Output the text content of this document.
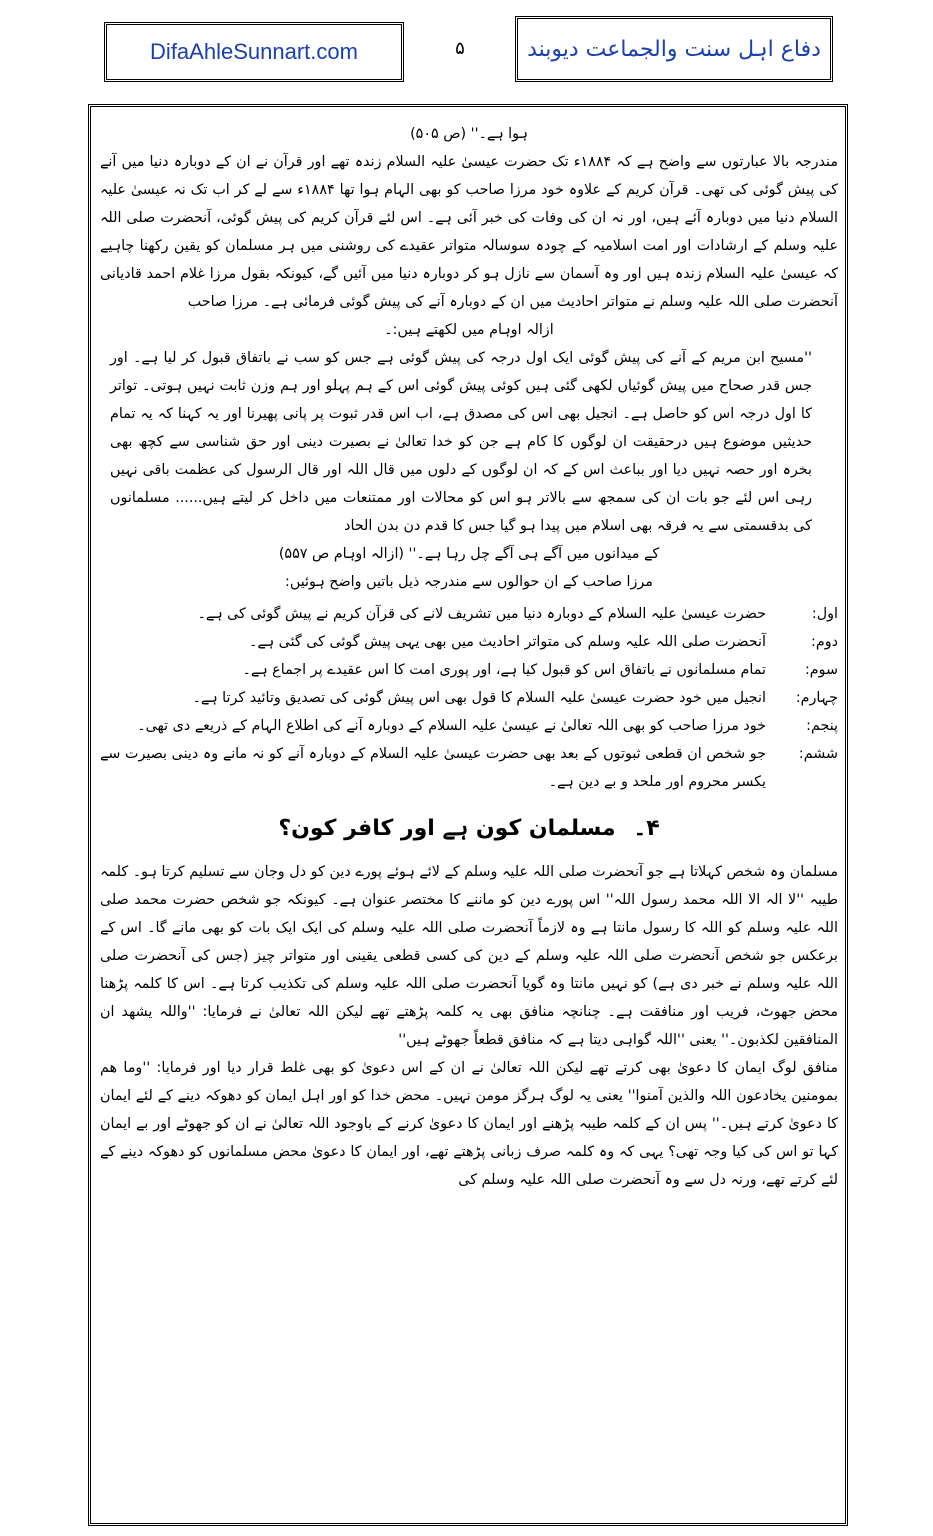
DifaAhleSunnart.com	۵	دفاع اہل سنت والجماعت دیوبند

ہوا ہے۔'' (ص ۵۰۵)

مندرجہ بالا عبارتوں سے واضح ہے کہ ۱۸۸۴ء تک حضرت عیسیٰ علیہ السلام زندہ تھے اور قرآن نے ان کے دوبارہ دنیا میں آنے کی پیش گوئی کی تھی۔ قرآن کریم کے علاوہ خود مرزا صاحب کو بھی الہام ہوا تھا ۱۸۸۴ء سے لے کر اب تک نہ عیسیٰ علیہ السلام دنیا میں دوبارہ آئے ہیں، اور نہ ان کی وفات کی خبر آئی ہے۔ اس لئے قرآن کریم کی پیش گوئی، آنحضرت صلی اللہ علیہ وسلم کے ارشادات اور امت اسلامیہ کے چودہ سوسالہ متواتر عقیدے کی روشنی میں ہر مسلمان کو یقین رکھنا چاہیے کہ عیسیٰ علیہ السلام زندہ ہیں اور وہ آسمان سے نازل ہو کر دوبارہ دنیا میں آئیں گے، کیونکہ بقول مرزا غلام احمد قادیانی آنحضرت صلی اللہ علیہ وسلم نے متواتر احادیث میں ان کے دوبارہ آنے کی پیش گوئی فرمائی ہے۔ مرزا صاحب

ازالہ اوہام میں لکھتے ہیں:۔

''مسیح ابن مریم کے آنے کی پیش گوئی ایک اول درجہ کی پیش گوئی ہے جس کو سب نے باتفاق قبول کر لیا ہے۔ اور جس قدر صحاح میں پیش گوئیاں لکھی گئی ہیں کوئی پیش گوئی اس کے ہم پہلو اور ہم وزن ثابت نہیں ہوتی۔ تواتر کا اول درجہ اس کو حاصل ہے۔ انجیل بھی اس کی مصدق ہے، اب اس قدر ثبوت پر پانی پھیرنا اور یہ کہنا کہ یہ تمام حدیثیں موضوع ہیں درحقیقت ان لوگوں کا کام ہے جن کو خدا تعالیٰ نے بصیرت دینی اور حق شناسی سے کچھ بھی بخرہ اور حصہ نہیں دیا اور بباعث اس کے کہ ان لوگوں کے دلوں میں قال اللہ اور قال الرسول کی عظمت باقی نہیں رہی اس لئے جو بات ان کی سمجھ سے بالاتر ہو اس کو محالات اور ممتنعات میں داخل کر لیتے ہیں...... مسلمانوں کی بدقسمتی سے یہ فرقہ بھی اسلام میں پیدا ہو گیا جس کا قدم دن بدن الحاد

کے میدانوں میں آگے ہی آگے چل رہا ہے۔'' (ازالہ اوہام ص ۵۵۷)

مرزا صاحب کے ان حوالوں سے مندرجہ ذیل باتیں واضح ہوئیں:

اول:
حضرت عیسیٰ علیہ السلام کے دوبارہ دنیا میں تشریف لانے کی قرآن کریم نے پیش گوئی کی ہے۔
دوم:
آنحضرت صلی اللہ علیہ وسلم کی متواتر احادیث میں بھی یہی پیش گوئی کی گئی ہے۔
سوم:
تمام مسلمانوں نے باتفاق اس کو قبول کیا ہے، اور پوری امت کا اس عقیدے پر اجماع ہے۔
چہارم:
انجیل میں خود حضرت عیسیٰ علیہ السلام کا قول بھی اس پیش گوئی کی تصدیق وتائید کرتا ہے۔
پنجم:
خود مرزا صاحب کو بھی اللہ تعالیٰ نے عیسیٰ علیہ السلام کے دوبارہ آنے کی اطلاع الہام کے ذریعے دی تھی۔
ششم:
جو شخص ان قطعی ثبوتوں کے بعد بھی حضرت عیسیٰ علیہ السلام کے دوبارہ آنے کو نہ مانے وہ دینی بصیرت سے یکسر محروم اور ملحد و بے دین ہے۔
۴۔ مسلمان کون ہے اور کافر کون؟

مسلمان وہ شخص کہلاتا ہے جو آنحضرت صلی اللہ علیہ وسلم کے لائے ہوئے پورے دین کو دل وجان سے تسلیم کرتا ہو۔ کلمہ طیبہ ''لا الہ الا اللہ محمد رسول اللہ'' اس پورے دین کو ماننے کا مختصر عنوان ہے۔ کیونکہ جو شخص حضرت محمد صلی اللہ علیہ وسلم کو اللہ کا رسول مانتا ہے وہ لازماً آنحضرت صلی اللہ علیہ وسلم کی ایک ایک بات کو بھی مانے گا۔ اس کے برعکس جو شخص آنحضرت صلی اللہ علیہ وسلم کے دین کی کسی قطعی یقینی اور متواتر چیز (جس کی آنحضرت صلی اللہ علیہ وسلم نے خبر دی ہے) کو نہیں مانتا وہ گویا آنحضرت صلی اللہ علیہ وسلم کی تکذیب کرتا ہے۔ اس کا کلمہ پڑھنا محض جھوٹ، فریب اور منافقت ہے۔ چنانچہ منافق بھی یہ کلمہ پڑھتے تھے لیکن اللہ تعالیٰ نے فرمایا: ''واللہ یشھد ان المنافقین لکذبون۔'' یعنی ''اللہ گواہی دیتا ہے کہ منافق قطعاً جھوٹے ہیں''

منافق لوگ ایمان کا دعویٰ بھی کرتے تھے لیکن اللہ تعالیٰ نے ان کے اس دعویٰ کو بھی غلط قرار دیا اور فرمایا: ''وما ھم بمومنین یخادعون اللہ والذین آمنوا'' یعنی یہ لوگ ہرگز مومن نہیں۔ محض خدا کو اور اہل ایمان کو دھوکہ دینے کے لئے ایمان کا دعویٰ کرتے ہیں۔'' پس ان کے کلمہ طیبہ پڑھنے اور ایمان کا دعویٰ کرنے کے باوجود اللہ تعالیٰ نے ان کو جھوٹے اور بے ایمان کہا تو اس کی کیا وجہ تھی؟ یہی کہ وہ کلمہ صرف زبانی پڑھتے تھے، اور ایمان کا دعویٰ محض مسلمانوں کو دھوکہ دینے کے لئے کرتے تھے، ورنہ دل سے وہ آنحضرت صلی اللہ علیہ وسلم کی
